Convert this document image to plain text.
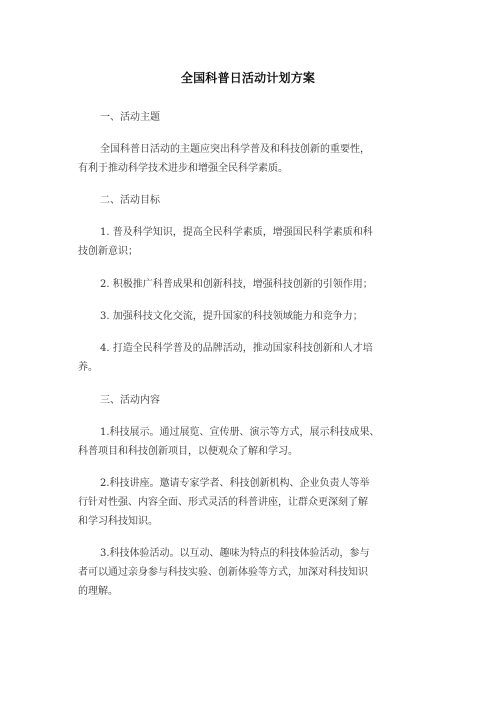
全国科普日活动计划方案
一、活动主题
全国科普日活动的主题应突出科学普及和科技创新的重要性，
有利于推动科学技术进步和增强全民科学素质。
二、活动目标
1. 普及科学知识，提高全民科学素质，增强国民科学素质和科
技创新意识；
2. 积极推广科普成果和创新科技，增强科技创新的引领作用；
3. 加强科技文化交流，提升国家的科技领域能力和竞争力；
4. 打造全民科学普及的品牌活动，推动国家科技创新和人才培
养。
三、活动内容
1.科技展示。通过展览、宣传册、演示等方式，展示科技成果、
科普项目和科技创新项目，以便观众了解和学习。
2.科技讲座。邀请专家学者、科技创新机构、企业负责人等举
行针对性强、内容全面、形式灵活的科普讲座，让群众更深刻了解
和学习科技知识。
3.科技体验活动。以互动、趣味为特点的科技体验活动，参与
者可以通过亲身参与科技实验、创新体验等方式，加深对科技知识
的理解。
